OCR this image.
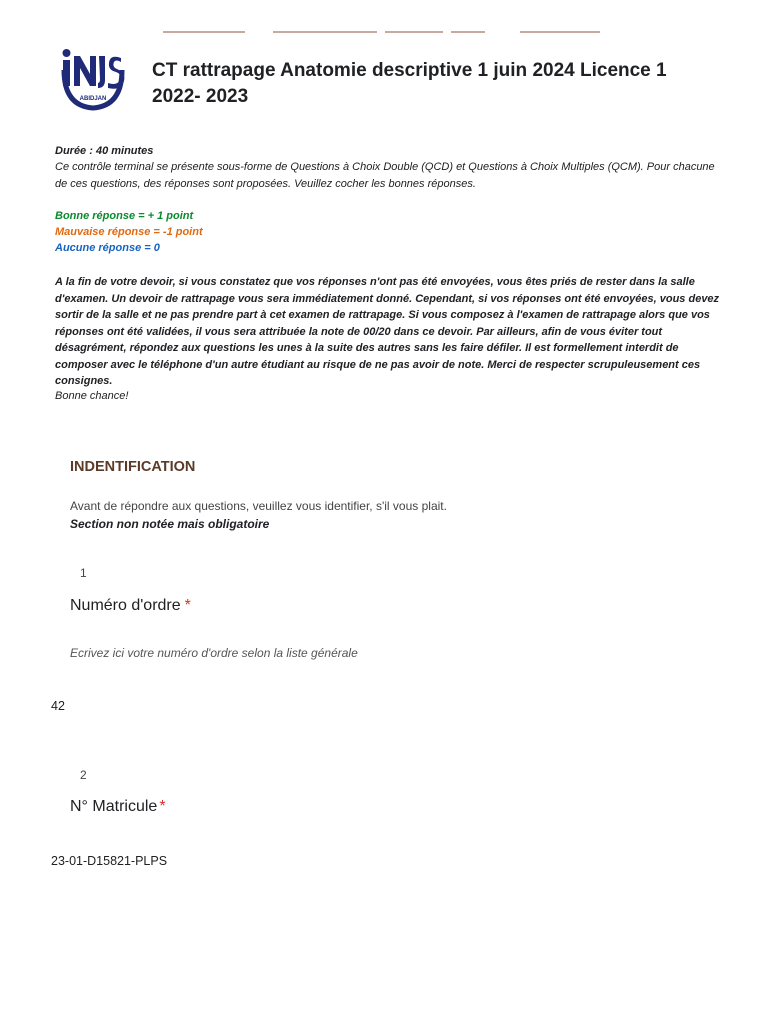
ABIDJAN
CT rattrapage Anatomie descriptive 1 juin 2024 Licence 1 2022- 2023
Durée : 40 minutes
Ce contrôle terminal se présente sous-forme de Questions à Choix Double (QCD) et Questions à Choix Multiples (QCM). Pour chacune de ces questions, des réponses sont proposées. Veuillez cocher les bonnes réponses.
Bonne réponse = + 1 point
Mauvaise réponse = -1 point
Aucune réponse = 0
A la fin de votre devoir, si vous constatez que vos réponses n'ont pas été envoyées, vous êtes priés de rester dans la salle d'examen. Un devoir de rattrapage vous sera immédiatement donné. Cependant, si vos réponses ont été envoyées, vous devez sortir de la salle et ne pas prendre part à cet examen de rattrapage. Si vous composez à l'examen de rattrapage alors que vos réponses ont été validées, il vous sera attribuée la note de 00/20 dans ce devoir. Par ailleurs, afin de vous éviter tout désagrément, répondez aux questions les unes à la suite des autres sans les faire défiler. Il est formellement interdit de composer avec le téléphone d'un autre étudiant au risque de ne pas avoir de note. Merci de respecter scrupuleusement ces consignes.
Bonne chance!
INDENTIFICATION
Avant de répondre aux questions, veuillez vous identifier, s'il vous plait.
Section non notée mais obligatoire
1
Numéro d'ordre *
Ecrivez ici votre numéro d'ordre selon la liste générale
42
2
N° Matricule *
23-01-D15821-PLPS
